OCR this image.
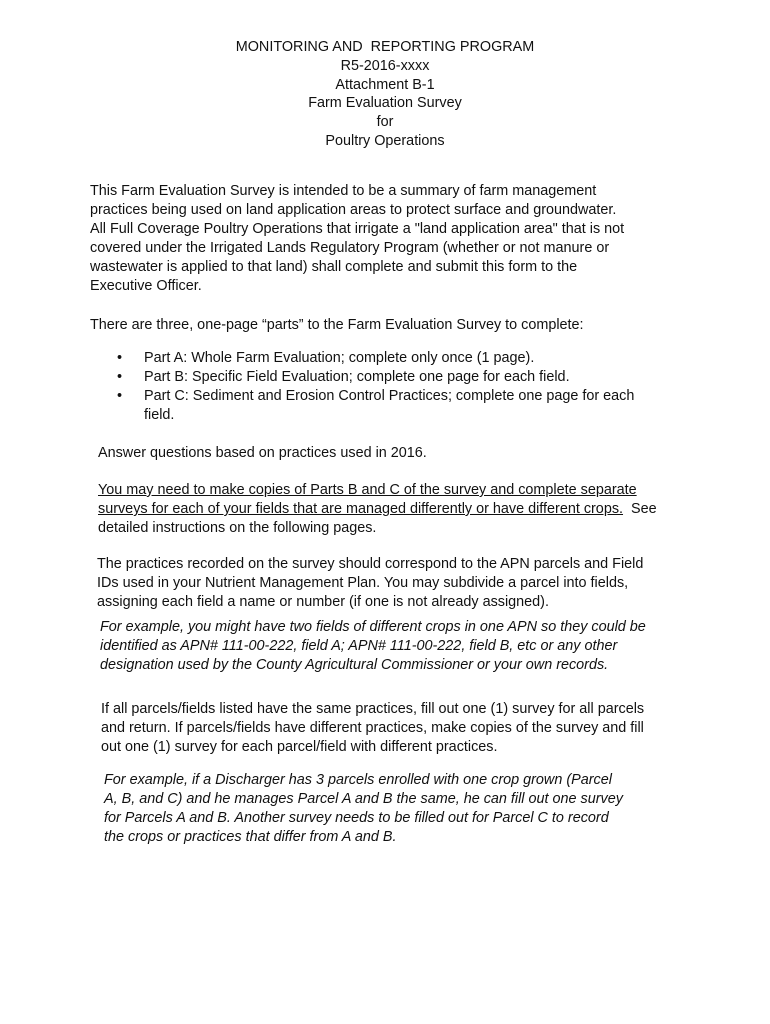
MONITORING AND  REPORTING PROGRAM
R5-2016-xxxx
Attachment B-1
Farm Evaluation Survey
for
Poultry Operations
This Farm Evaluation Survey is intended to be a summary of farm management
practices being used on land application areas to protect surface and groundwater.
All Full Coverage Poultry Operations that irrigate a "land application area" that is not
covered under the Irrigated Lands Regulatory Program (whether or not manure or
wastewater is applied to that land) shall complete and submit this form to the
Executive Officer.
There are three, one-page “parts” to the Farm Evaluation Survey to complete:
• Part A: Whole Farm Evaluation; complete only once (1 page).
• Part B: Specific Field Evaluation; complete one page for each field.
• Part C: Sediment and Erosion Control Practices; complete one page for each field.
Answer questions based on practices used in 2016.
You may need to make copies of Parts B and C of the survey and complete separate
surveys for each of your fields that are managed differently or have different crops.  See
detailed instructions on the following pages.
The practices recorded on the survey should correspond to the APN parcels and Field
IDs used in your Nutrient Management Plan. You may subdivide a parcel into fields,
assigning each field a name or number (if one is not already assigned).
For example, you might have two fields of different crops in one APN so they could be
identified as APN# 111-00-222, field A; APN# 111-00-222, field B, etc or any other
designation used by the County Agricultural Commissioner or your own records.
If all parcels/fields listed have the same practices, fill out one (1) survey for all parcels
and return. If parcels/fields have different practices, make copies of the survey and fill
out one (1) survey for each parcel/field with different practices.
For example, if a Discharger has 3 parcels enrolled with one crop grown (Parcel
A, B, and C) and he manages Parcel A and B the same, he can fill out one survey
for Parcels A and B. Another survey needs to be filled out for Parcel C to record
the crops or practices that differ from A and B.
